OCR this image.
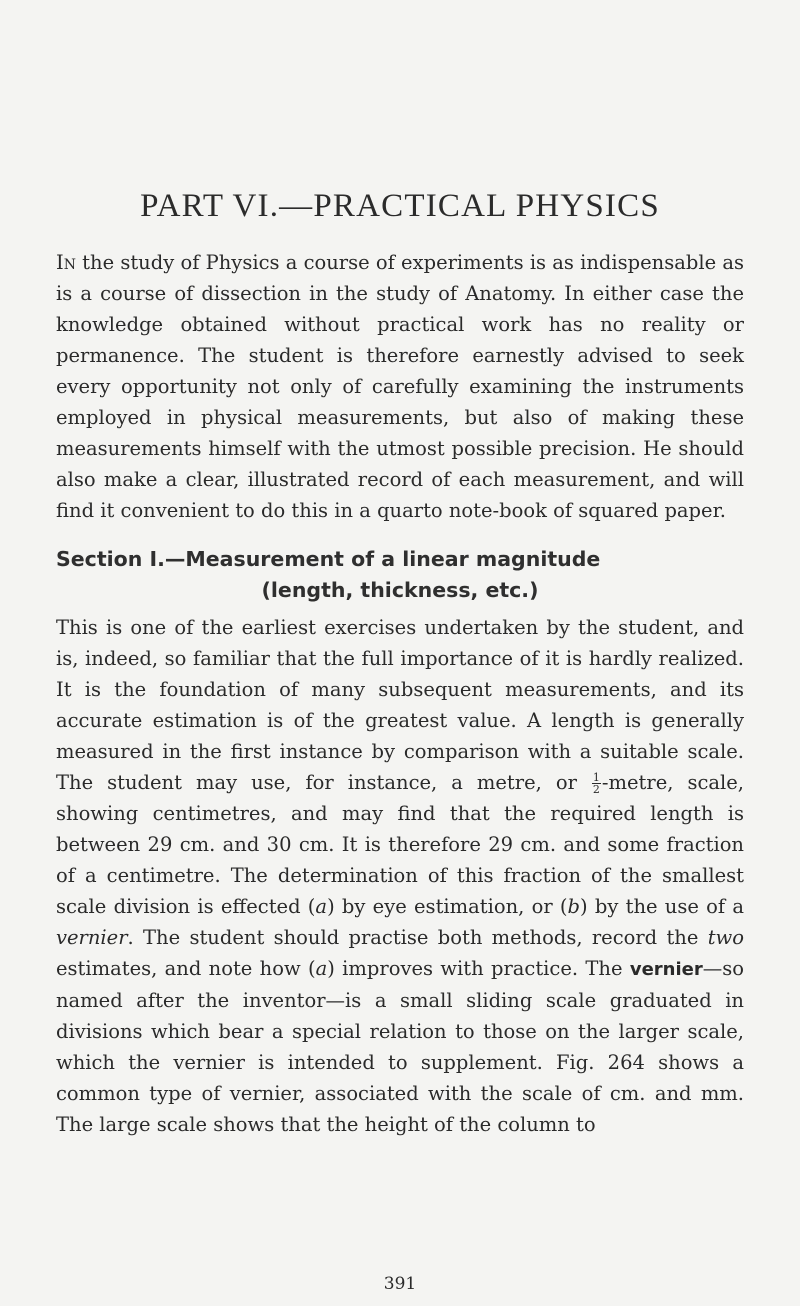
PART VI.—PRACTICAL PHYSICS

In the study of Physics a course of experiments is as indispensable as is a course of dissection in the study of Anatomy. In either case the knowledge obtained without practical work has no reality or permanence. The student is therefore earnestly advised to seek every opportunity not only of carefully examining the instruments employed in physical measurements, but also of making these measurements himself with the utmost possible precision. He should also make a clear, illustrated record of each measurement, and will find it convenient to do this in a quarto note-book of squared paper.

Section I.—Measurement of a linear magnitude
(length, thickness, etc.)

This is one of the earliest exercises undertaken by the student, and is, indeed, so familiar that the full importance of it is hardly realized. It is the foundation of many subsequent measurements, and its accurate estimation is of the greatest value. A length is generally measured in the first instance by comparison with a suitable scale. The student may use, for instance, a metre, or $\frac{1}{2}$ -metre, scale, showing centimetres, and may find that the required length is between 29 cm. and 30 cm. It is therefore 29 cm. and some fraction of a centimetre. The determination of this fraction of the smallest scale division is effected (a) by eye estimation, or (b) by the use of a vernier. The student should practise both methods, record the two estimates, and note how (a) improves with practice. The vernier—so named after the inventor—is a small sliding scale graduated in divisions which bear a special relation to those on the larger scale, which the vernier is intended to supplement. Fig. 264 shows a common type of vernier, associated with the scale of cm. and mm. The large scale shows that the height of the column to

391
